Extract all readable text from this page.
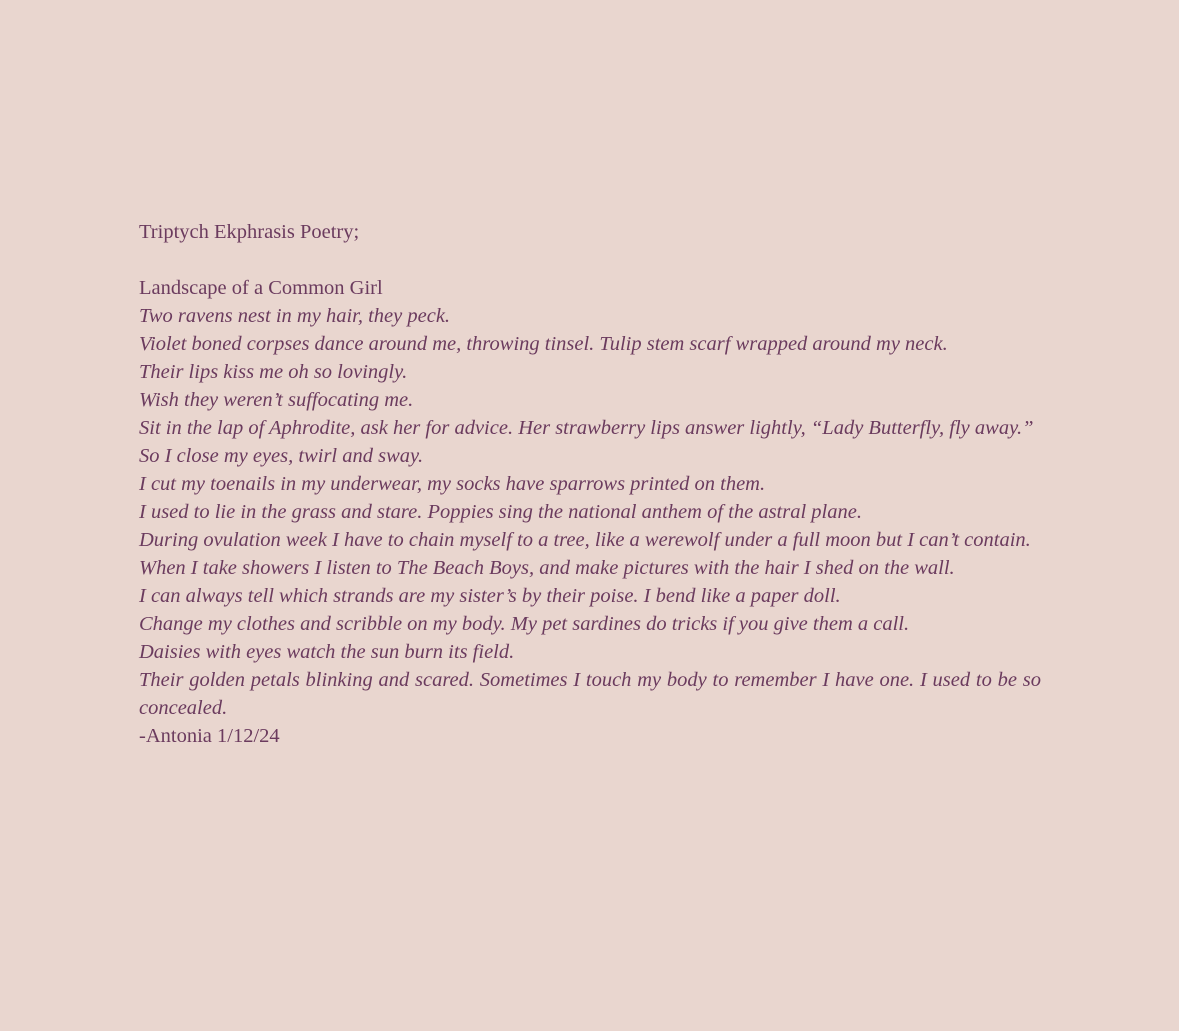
Triptych Ekphrasis Poetry;

Landscape of a Common Girl

Two ravens nest in my hair, they peck.
Violet boned corpses dance around me, throwing tinsel. Tulip stem scarf wrapped around my neck.
Their lips kiss me oh so lovingly.
Wish they weren’t suffocating me.
Sit in the lap of Aphrodite, ask her for advice. Her strawberry lips answer lightly, “Lady Butterfly, fly away.”
So I close my eyes, twirl and sway.
I cut my toenails in my underwear, my socks have sparrows printed on them.
I used to lie in the grass and stare. Poppies sing the national anthem of the astral plane.
During ovulation week I have to chain myself to a tree, like a werewolf under a full moon but I can’t contain.
When I take showers I listen to The Beach Boys, and make pictures with the hair I shed on the wall.
I can always tell which strands are my sister’s by their poise. I bend like a paper doll.
Change my clothes and scribble on my body. My pet sardines do tricks if you give them a call.
Daisies with eyes watch the sun burn its field.
Their golden petals blinking and scared. Sometimes I touch my body to remember I have one. I used to be so concealed.

-Antonia 1/12/24
